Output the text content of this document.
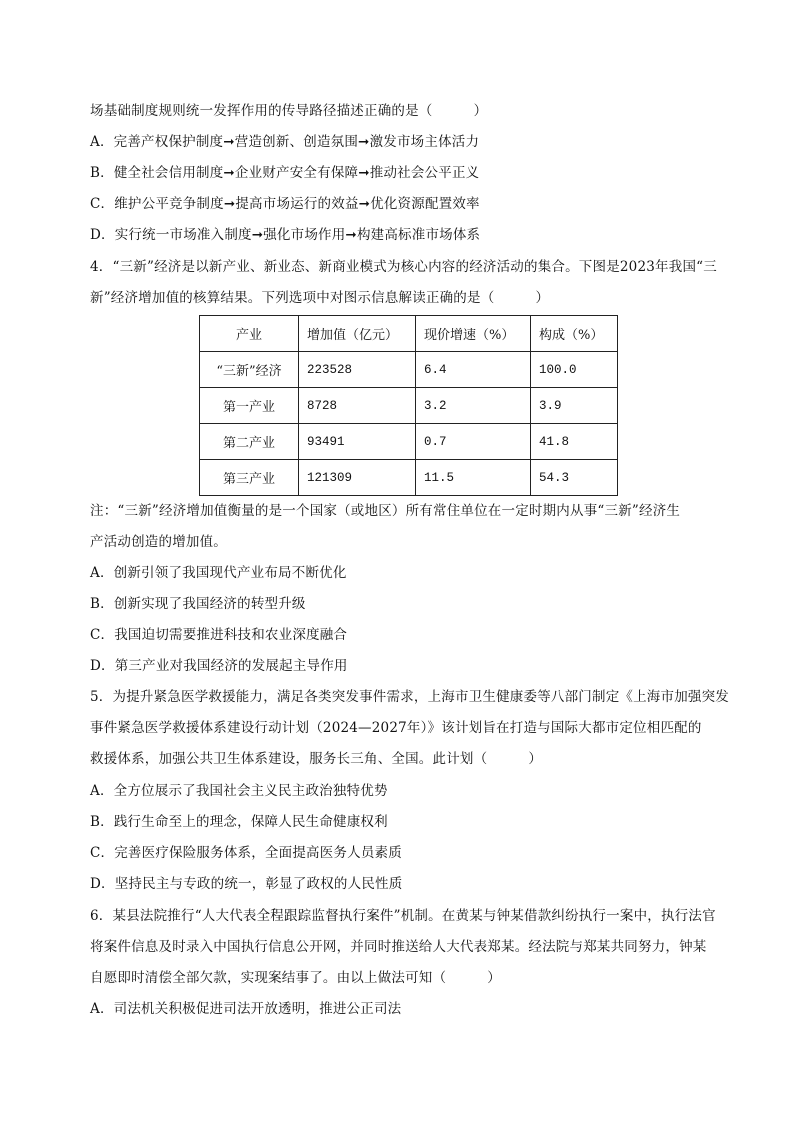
场基础制度规则统一发挥作用的传导路径描述正确的是（　　　）
A．完善产权保护制度➞营造创新、创造氛围➞激发市场主体活力
B．健全社会信用制度➞企业财产安全有保障➞推动社会公平正义
C．维护公平竞争制度➞提高市场运行的效益➞优化资源配置效率
D．实行统一市场准入制度➞强化市场作用➞构建高标准市场体系
4．“三新”经济是以新产业、新业态、新商业模式为核心内容的经济活动的集合。下图是2023年我国“三
新”经济增加值的核算结果。下列选项中对图示信息解读正确的是（　　　）
产业	增加值（亿元）	现价增速（%）	构成（%）
“三新”经济	223528	6.4	100.0
第一产业	8728	3.2	3.9
第二产业	93491	0.7	41.8
第三产业	121309	11.5	54.3
注：“三新”经济增加值衡量的是一个国家（或地区）所有常住单位在一定时期内从事“三新”经济生
产活动创造的增加值。
A．创新引领了我国现代产业布局不断优化
B．创新实现了我国经济的转型升级
C．我国迫切需要推进科技和农业深度融合
D．第三产业对我国经济的发展起主导作用
5．为提升紧急医学救援能力，满足各类突发事件需求，上海市卫生健康委等八部门制定《上海市加强突发
事件紧急医学救援体系建设行动计划（2024—2027年）》该计划旨在打造与国际大都市定位相匹配的
救援体系，加强公共卫生体系建设，服务长三角、全国。此计划（　　　）
A．全方位展示了我国社会主义民主政治独特优势
B．践行生命至上的理念，保障人民生命健康权利
C．完善医疗保险服务体系，全面提高医务人员素质
D．坚持民主与专政的统一，彰显了政权的人民性质
6．某县法院推行“人大代表全程跟踪监督执行案件”机制。在黄某与钟某借款纠纷执行一案中，执行法官
将案件信息及时录入中国执行信息公开网，并同时推送给人大代表郑某。经法院与郑某共同努力，钟某
自愿即时清偿全部欠款，实现案结事了。由以上做法可知（　　　）
A．司法机关积极促进司法开放透明，推进公正司法
